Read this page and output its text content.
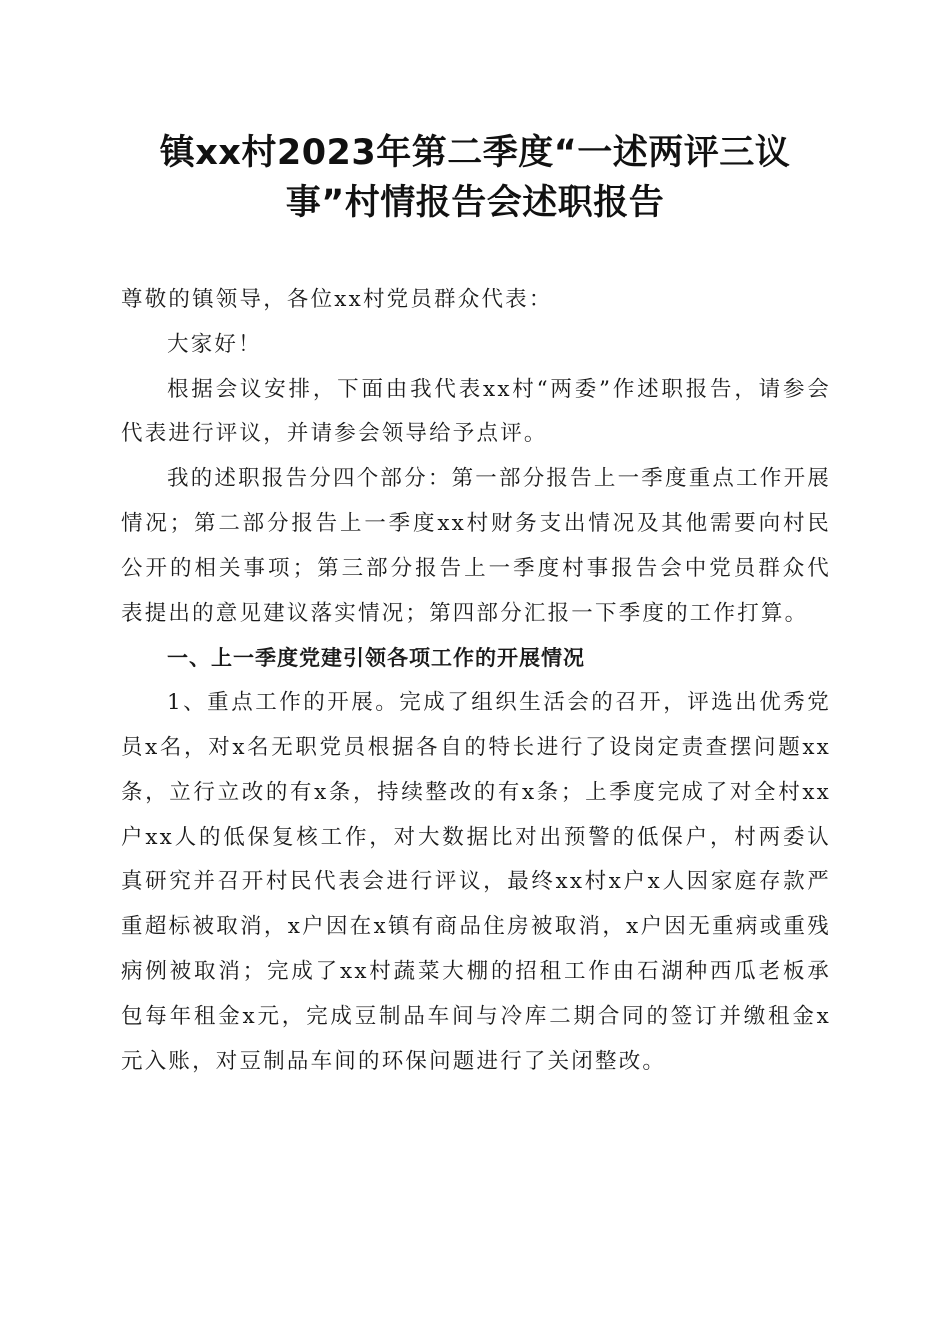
镇xx村2023年第二季度“一述两评三议
事”村情报告会述职报告

尊敬的镇领导，各位xx村党员群众代表：

大家好！

根据会议安排，下面由我代表xx村“两委”作述职报告，请参会代表进行评议，并请参会领导给予点评。

我的述职报告分四个部分：第一部分报告上一季度重点工作开展情况；第二部分报告上一季度xx村财务支出情况及其他需要向村民公开的相关事项；第三部分报告上一季度村事报告会中党员群众代表提出的意见建议落实情况；第四部分汇报一下季度的工作打算。

一、上一季度党建引领各项工作的开展情况

1、重点工作的开展。完成了组织生活会的召开，评选出优秀党员x名，对x名无职党员根据各自的特长进行了设岗定责查摆问题xx条，立行立改的有x条，持续整改的有x条；上季度完成了对全村xx户xx人的低保复核工作，对大数据比对出预警的低保户，村两委认真研究并召开村民代表会进行评议，最终xx村x户x人因家庭存款严重超标被取消，x户因在x镇有商品住房被取消，x户因无重病或重残病例被取消；完成了xx村蔬菜大棚的招租工作由石湖种西瓜老板承包每年租金x元，完成豆制品车间与冷库二期合同的签订并缴租金x元入账，对豆制品车间的环保问题进行了关闭整改。
